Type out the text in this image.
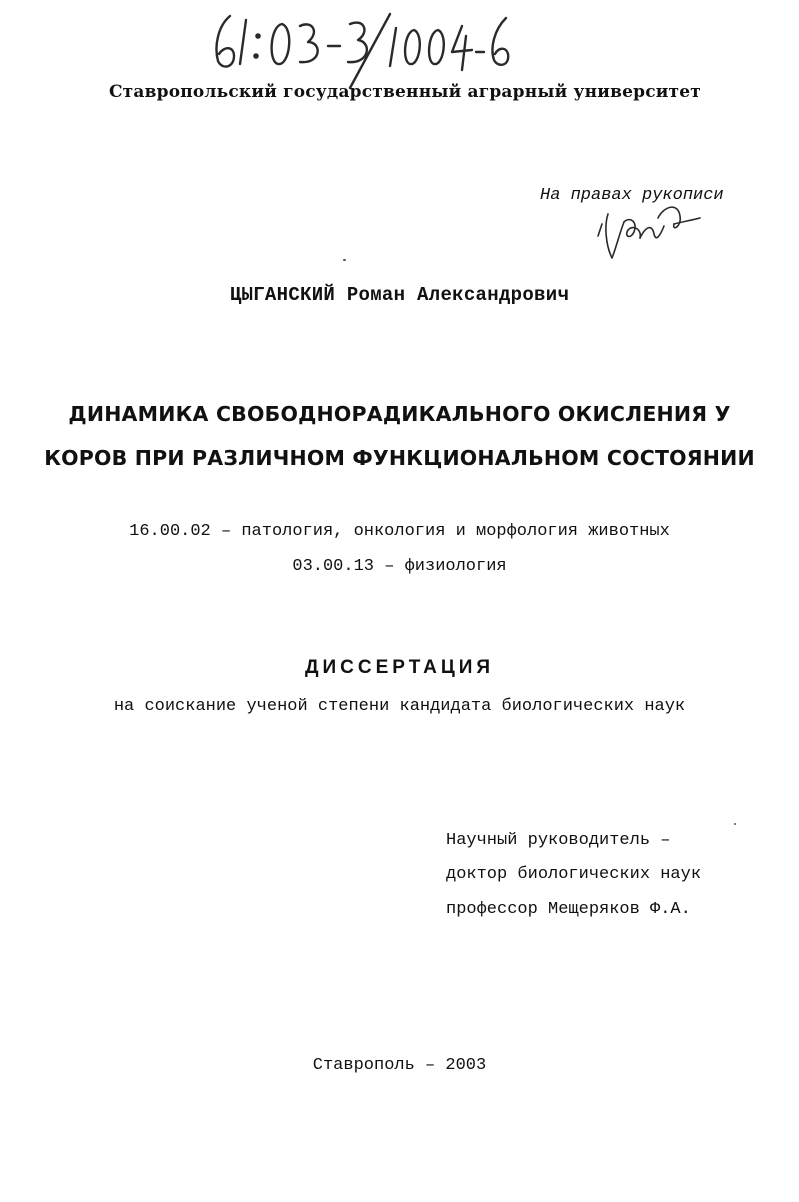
Ставропольский государственный аграрный университет
На правах рукописи
ЦЫГАНСКИЙ Роман Александрович
ДИНАМИКА СВОБОДНОРАДИКАЛЬНОГО ОКИСЛЕНИЯ У
КОРОВ ПРИ РАЗЛИЧНОМ ФУНКЦИОНАЛЬНОМ СОСТОЯНИИ
16.00.02 – патология, онкология и морфология животных
03.00.13 – физиология
ДИССЕРТАЦИЯ
на соискание ученой степени кандидата биологических наук
Научный руководитель –
доктор биологических наук
профессор Мещеряков Ф.А.
Ставрополь – 2003
